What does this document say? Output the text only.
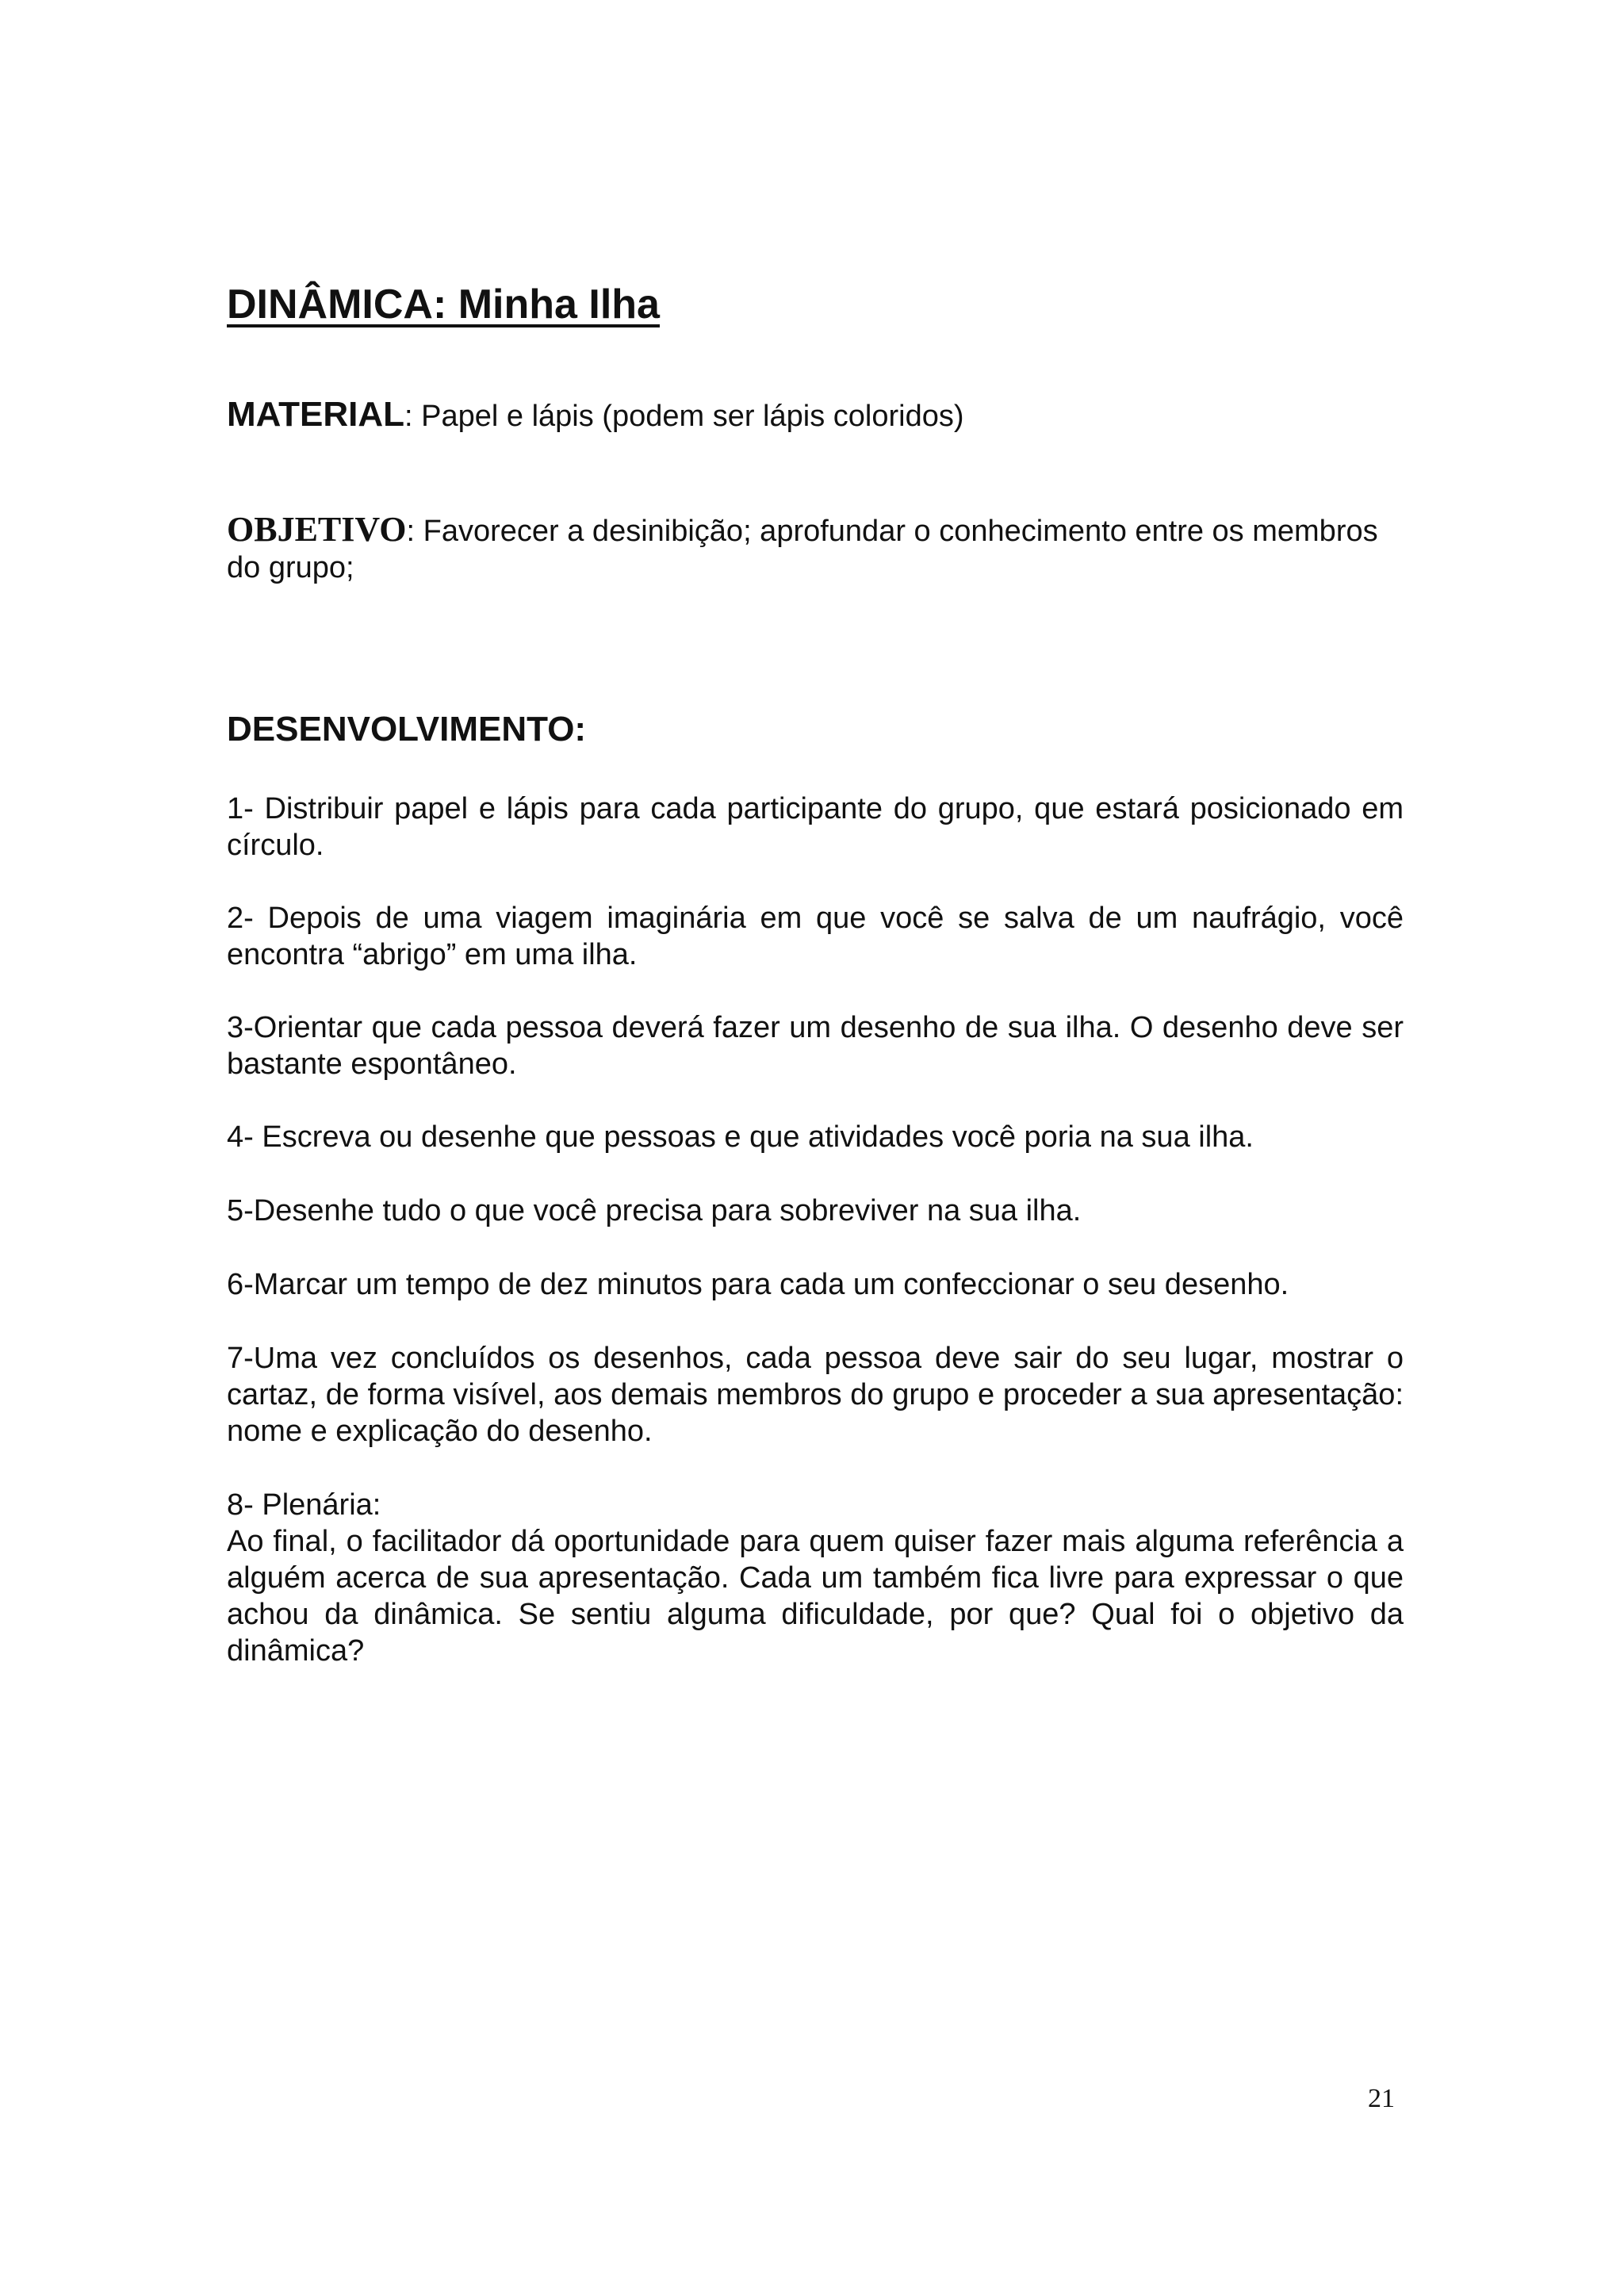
DINÂMICA: Minha Ilha
MATERIAL: Papel e lápis (podem ser lápis coloridos)
OBJETIVO: Favorecer a desinibição; aprofundar o conhecimento entre os membros do grupo;
DESENVOLVIMENTO:

1- Distribuir papel e lápis para cada participante do grupo, que estará posicionado em círculo.

2- Depois de uma viagem imaginária em que você se salva de um naufrágio, você encontra “abrigo” em uma ilha.

3-Orientar que cada pessoa deverá fazer um desenho de sua ilha. O desenho deve ser bastante espontâneo.

4- Escreva ou desenhe que pessoas e que atividades você poria na sua ilha.

5-Desenhe tudo o que você precisa para sobreviver na sua ilha.

6-Marcar um tempo de dez minutos para cada um confeccionar o seu desenho.

7-Uma vez concluídos os desenhos, cada pessoa deve sair do seu lugar, mostrar o cartaz, de forma visível, aos demais membros do grupo e proceder a sua apresentação: nome e explicação do desenho.

8- Plenária:

Ao final, o facilitador dá oportunidade para quem quiser fazer mais alguma referência a alguém acerca de sua apresentação. Cada um também fica livre para expressar o que achou da dinâmica. Se sentiu alguma dificuldade, por que? Qual foi o objetivo da dinâmica?

21
